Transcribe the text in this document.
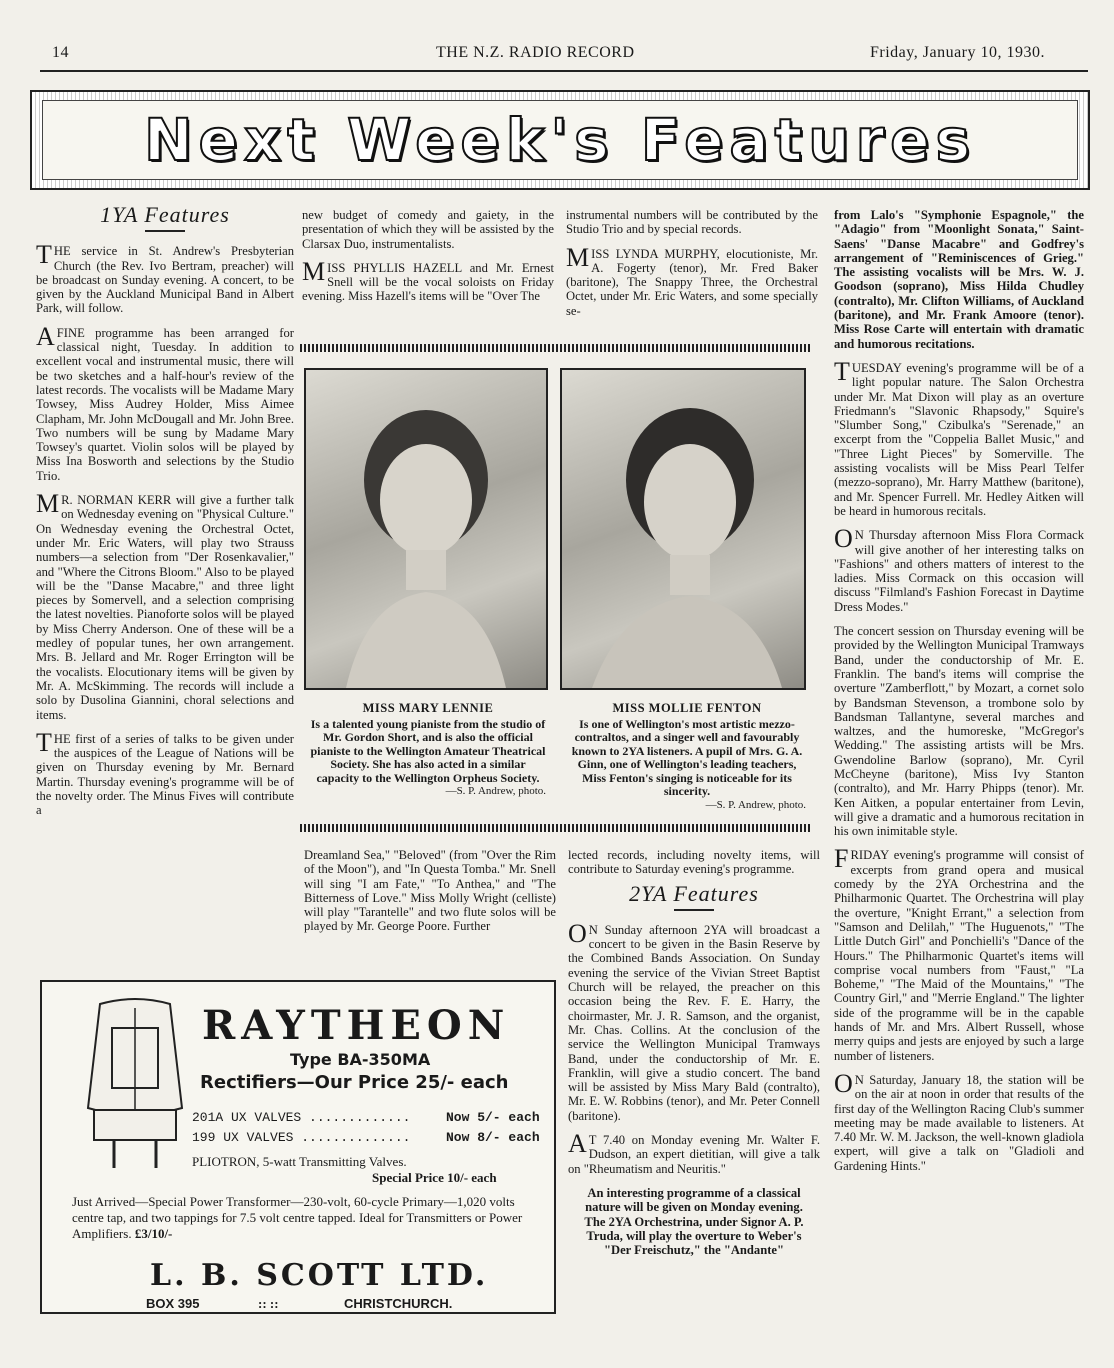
14	THE N.Z. RADIO RECORD	Friday, January 10, 1930.
Next Week's Features
1YA Features

THE service in St. Andrew's Presbyterian Church (the Rev. Ivo Bertram, preacher) will be broadcast on Sunday evening. A concert, to be given by the Auckland Municipal Band in Albert Park, will follow.

A FINE programme has been arranged for classical night, Tuesday. In addition to excellent vocal and instrumental music, there will be two sketches and a half-hour's review of the latest records. The vocalists will be Madame Mary Towsey, Miss Audrey Holder, Miss Aimee Clapham, Mr. John McDougall and Mr. John Bree. Two numbers will be sung by Madame Mary Towsey's quartet. Violin solos will be played by Miss Ina Bosworth and selections by the Studio Trio.

M R. NORMAN KERR will give a further talk on Wednesday evening on "Physical Culture." On Wednesday evening the Orchestral Octet, under Mr. Eric Waters, will play two Strauss numbers—a selection from "Der Rosenkavalier," and "Where the Citrons Bloom." Also to be played will be the "Danse Macabre," and three light pieces by Somervell, and a selection comprising the latest novelties. Pianoforte solos will be played by Miss Cherry Anderson. One of these will be a medley of popular tunes, her own arrangement. Mrs. B. Jellard and Mr. Roger Errington will be the vocalists. Elocutionary items will be given by Mr. A. McSkimming. The records will include a solo by Dusolina Giannini, choral selections and items.

THE first of a series of talks to be given under the auspices of the League of Nations will be given on Thursday evening by Mr. Bernard Martin. Thursday evening's programme will be of the novelty order. The Minus Fives will contribute a

new budget of comedy and gaiety, in the presentation of which they will be assisted by the Clarsax Duo, instrumentalists.

MISS PHYLLIS HAZELL and Mr. Ernest Snell will be the vocal soloists on Friday evening. Miss Hazell's items will be "Over The

instrumental numbers will be contributed by the Studio Trio and by special records.

MISS LYNDA MURPHY, elocutioniste, Mr. A. Fogerty (tenor), Mr. Fred Baker (baritone), The Snappy Three, the Orchestral Octet, under Mr. Eric Waters, and some specially se-

MISS MARY LENNIE
Is a talented young pianiste from the studio of Mr. Gordon Short, and is also the official pianiste to the Wellington Amateur Theatrical Society. She has also acted in a similar capacity to the Wellington Orpheus Society.
—S. P. Andrew, photo.
MISS MOLLIE FENTON
Is one of Wellington's most artistic mezzo-contraltos, and a singer well and favourably known to 2YA listeners. A pupil of Mrs. G. A. Ginn, one of Wellington's leading teachers, Miss Fenton's singing is noticeable for its sincerity.
—S. P. Andrew, photo.

Dreamland Sea," "Beloved" (from "Over the Rim of the Moon"), and "In Questa Tomba." Mr. Snell will sing "I am Fate," "To Anthea," and "The Bitterness of Love." Miss Molly Wright (celliste) will play "Tarantelle" and two flute solos will be played by Mr. George Poore. Further

lected records, including novelty items, will contribute to Saturday evening's programme.

2YA Features

O N Sunday afternoon 2YA will broadcast a concert to be given in the Basin Reserve by the Combined Bands Association. On Sunday evening the service of the Vivian Street Baptist Church will be relayed, the preacher on this occasion being the Rev. F. E. Harry, the choirmaster, Mr. J. R. Samson, and the organist, Mr. Chas. Collins. At the conclusion of the service the Wellington Municipal Tramways Band, under the conductorship of Mr. E. Franklin, will give a studio concert. The band will be assisted by Miss Mary Bald (contralto), Mr. E. W. Robbins (tenor), and Mr. Peter Connell (baritone).

A T 7.40 on Monday evening Mr. Walter F. Dudson, an expert dietitian, will give a talk on "Rheumatism and Neuritis."

An interesting programme of a classical nature will be given on Monday evening. The 2YA Orchestrina, under Signor A. P. Truda, will play the overture to Weber's "Der Freischutz," the "Andante"

from Lalo's "Symphonie Espagnole," the "Adagio" from "Moonlight Sonata," Saint-Saens' "Danse Macabre" and Godfrey's arrangement of "Reminiscences of Grieg." The assisting vocalists will be Mrs. W. J. Goodson (soprano), Miss Hilda Chudley (contralto), Mr. Clifton Williams, of Auckland (baritone), and Mr. Frank Amoore (tenor). Miss Rose Carte will entertain with dramatic and humorous recitations.

TUESDAY evening's programme will be of a light popular nature. The Salon Orchestra under Mr. Mat Dixon will play as an overture Friedmann's "Slavonic Rhapsody," Squire's "Slumber Song," Czibulka's "Serenade," an excerpt from the "Coppelia Ballet Music," and "Three Light Pieces" by Somerville. The assisting vocalists will be Miss Pearl Telfer (mezzo-soprano), Mr. Harry Matthew (baritone), and Mr. Spencer Furrell. Mr. Hedley Aitken will be heard in humorous recitals.

O N Thursday afternoon Miss Flora Cormack will give another of her interesting talks on "Fashions" and others matters of interest to the ladies. Miss Cormack on this occasion will discuss "Filmland's Fashion Forecast in Daytime Dress Modes."

The concert session on Thursday evening will be provided by the Wellington Municipal Tramways Band, under the conductorship of Mr. E. Franklin. The band's items will comprise the overture "Zamberflott," by Mozart, a cornet solo by Bandsman Stevenson, a trombone solo by Bandsman Tallantyne, several marches and waltzes, and the humoreske, "McGregor's Wedding." The assisting artists will be Mrs. Gwendoline Barlow (soprano), Mr. Cyril McCheyne (baritone), Miss Ivy Stanton (contralto), and Mr. Harry Phipps (tenor). Mr. Ken Aitken, a popular entertainer from Levin, will give a dramatic and a humorous recitation in his own inimitable style.

FRIDAY evening's programme will consist of excerpts from grand opera and musical comedy by the 2YA Orchestrina and the Philharmonic Quartet. The Orchestrina will play the overture, "Knight Errant," a selection from "Samson and Delilah," "The Huguenots," "The Little Dutch Girl" and Ponchielli's "Dance of the Hours." The Philharmonic Quartet's items will comprise vocal numbers from "Faust," "La Boheme," "The Maid of the Mountains," "The Country Girl," and "Merrie England." The lighter side of the programme will be in the capable hands of Mr. and Mrs. Albert Russell, whose merry quips and jests are enjoyed by such a large number of listeners.

O N Saturday, January 18, the station will be on the air at noon in order that results of the first day of the Wellington Racing Club's summer meeting may be made available to listeners. At 7.40 Mr. W. M. Jackson, the well-known gladiola expert, will give a talk on "Gladioli and Gardening Hints."

RAYTHEON
Type BA-350MA
Rectifiers—Our Price 25/- each
201A UX VALVES .............	Now 5/- each
199 UX VALVES ..............	Now 8/- each
PLIOTRON, 5-watt Transmitting Valves.
Special Price 10/- each
Just Arrived—Special Power Transformer—230-volt, 60-cycle Primary—1,020 volts centre tap, and two tappings for 7.5 volt centre tapped. Ideal for Transmitters or Power Amplifiers. £3/10/-
L. B. SCOTT LTD.
BOX 395	:: ::	CHRISTCHURCH.
